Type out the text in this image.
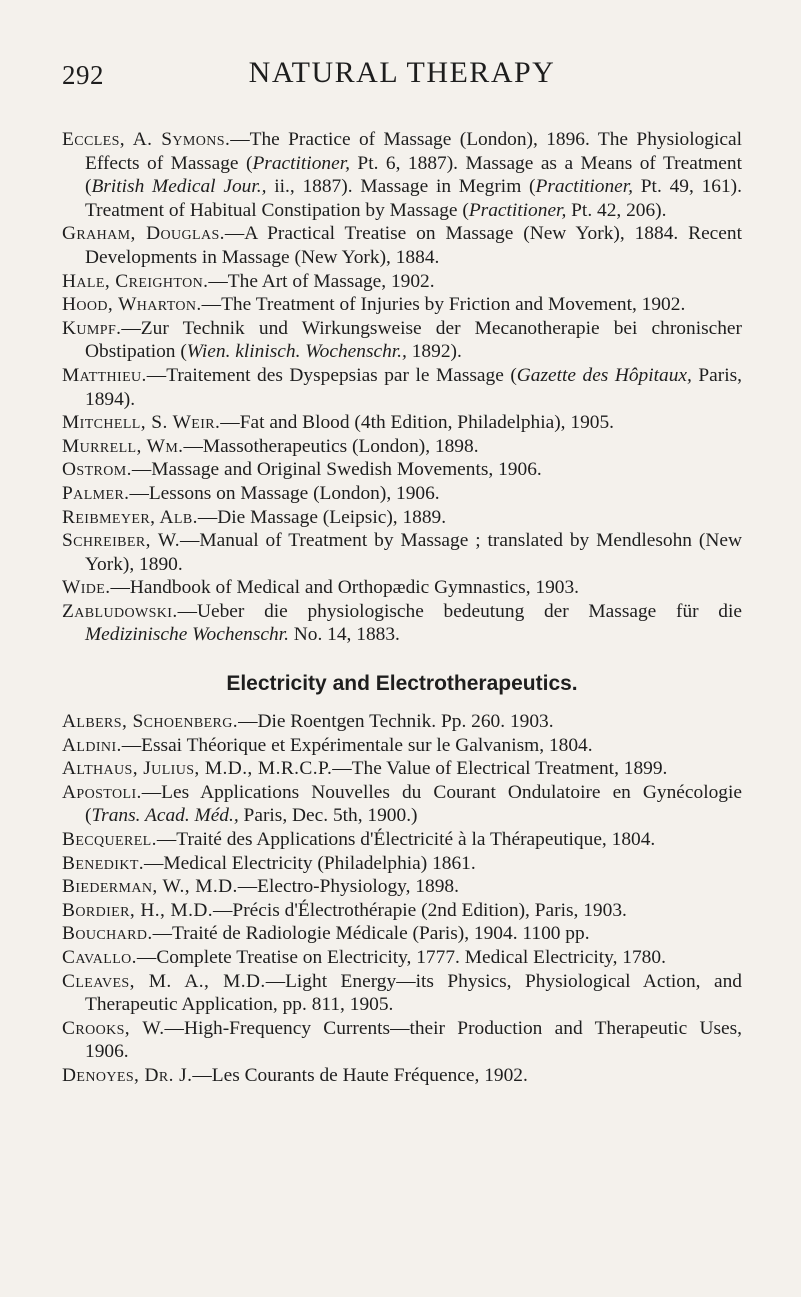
292	NATURAL THERAPY

Eccles, A. Symons.—The Practice of Massage (London), 1896. The Physiological Effects of Massage (Practitioner, Pt. 6, 1887). Massage as a Means of Treatment (British Medical Jour., ii., 1887). Massage in Megrim (Practitioner, Pt. 49, 161). Treatment of Habitual Constipation by Massage (Practitioner, Pt. 42, 206).

Graham, Douglas.—A Practical Treatise on Massage (New York), 1884. Recent Developments in Massage (New York), 1884.

Hale, Creighton.—The Art of Massage, 1902.

Hood, Wharton.—The Treatment of Injuries by Friction and Movement, 1902.

Kumpf.—Zur Technik und Wirkungsweise der Mecanotherapie bei chronischer Obstipation (Wien. klinisch. Wochenschr., 1892).

Matthieu.—Traitement des Dyspepsias par le Massage (Gazette des Hôpitaux, Paris, 1894).

Mitchell, S. Weir.—Fat and Blood (4th Edition, Philadelphia), 1905.

Murrell, Wm.—Massotherapeutics (London), 1898.

Ostrom.—Massage and Original Swedish Movements, 1906.

Palmer.—Lessons on Massage (London), 1906.

Reibmeyer, Alb.—Die Massage (Leipsic), 1889.

Schreiber, W.—Manual of Treatment by Massage ; translated by Mendlesohn (New York), 1890.

Wide.—Handbook of Medical and Orthopædic Gymnastics, 1903.

Zabludowski.—Ueber die physiologische bedeutung der Massage für die Medizinische Wochenschr. No. 14, 1883.

Electricity and Electrotherapeutics.

Albers, Schoenberg.—Die Roentgen Technik. Pp. 260. 1903.

Aldini.—Essai Théorique et Expérimentale sur le Galvanism, 1804.

Althaus, Julius, M.D., M.R.C.P.—The Value of Electrical Treatment, 1899.

Apostoli.—Les Applications Nouvelles du Courant Ondulatoire en Gynécologie (Trans. Acad. Méd., Paris, Dec. 5th, 1900.)

Becquerel.—Traité des Applications d'Électricité à la Thérapeutique, 1804.

Benedikt.—Medical Electricity (Philadelphia) 1861.

Biederman, W., M.D.—Electro-Physiology, 1898.

Bordier, H., M.D.—Précis d'Électrothérapie (2nd Edition), Paris, 1903.

Bouchard.—Traité de Radiologie Médicale (Paris), 1904. 1100 pp.

Cavallo.—Complete Treatise on Electricity, 1777. Medical Electricity, 1780.

Cleaves, M. A., M.D.—Light Energy—its Physics, Physiological Action, and Therapeutic Application, pp. 811, 1905.

Crooks, W.—High-Frequency Currents—their Production and Therapeutic Uses, 1906.

Denoyes, Dr. J.—Les Courants de Haute Fréquence, 1902.
